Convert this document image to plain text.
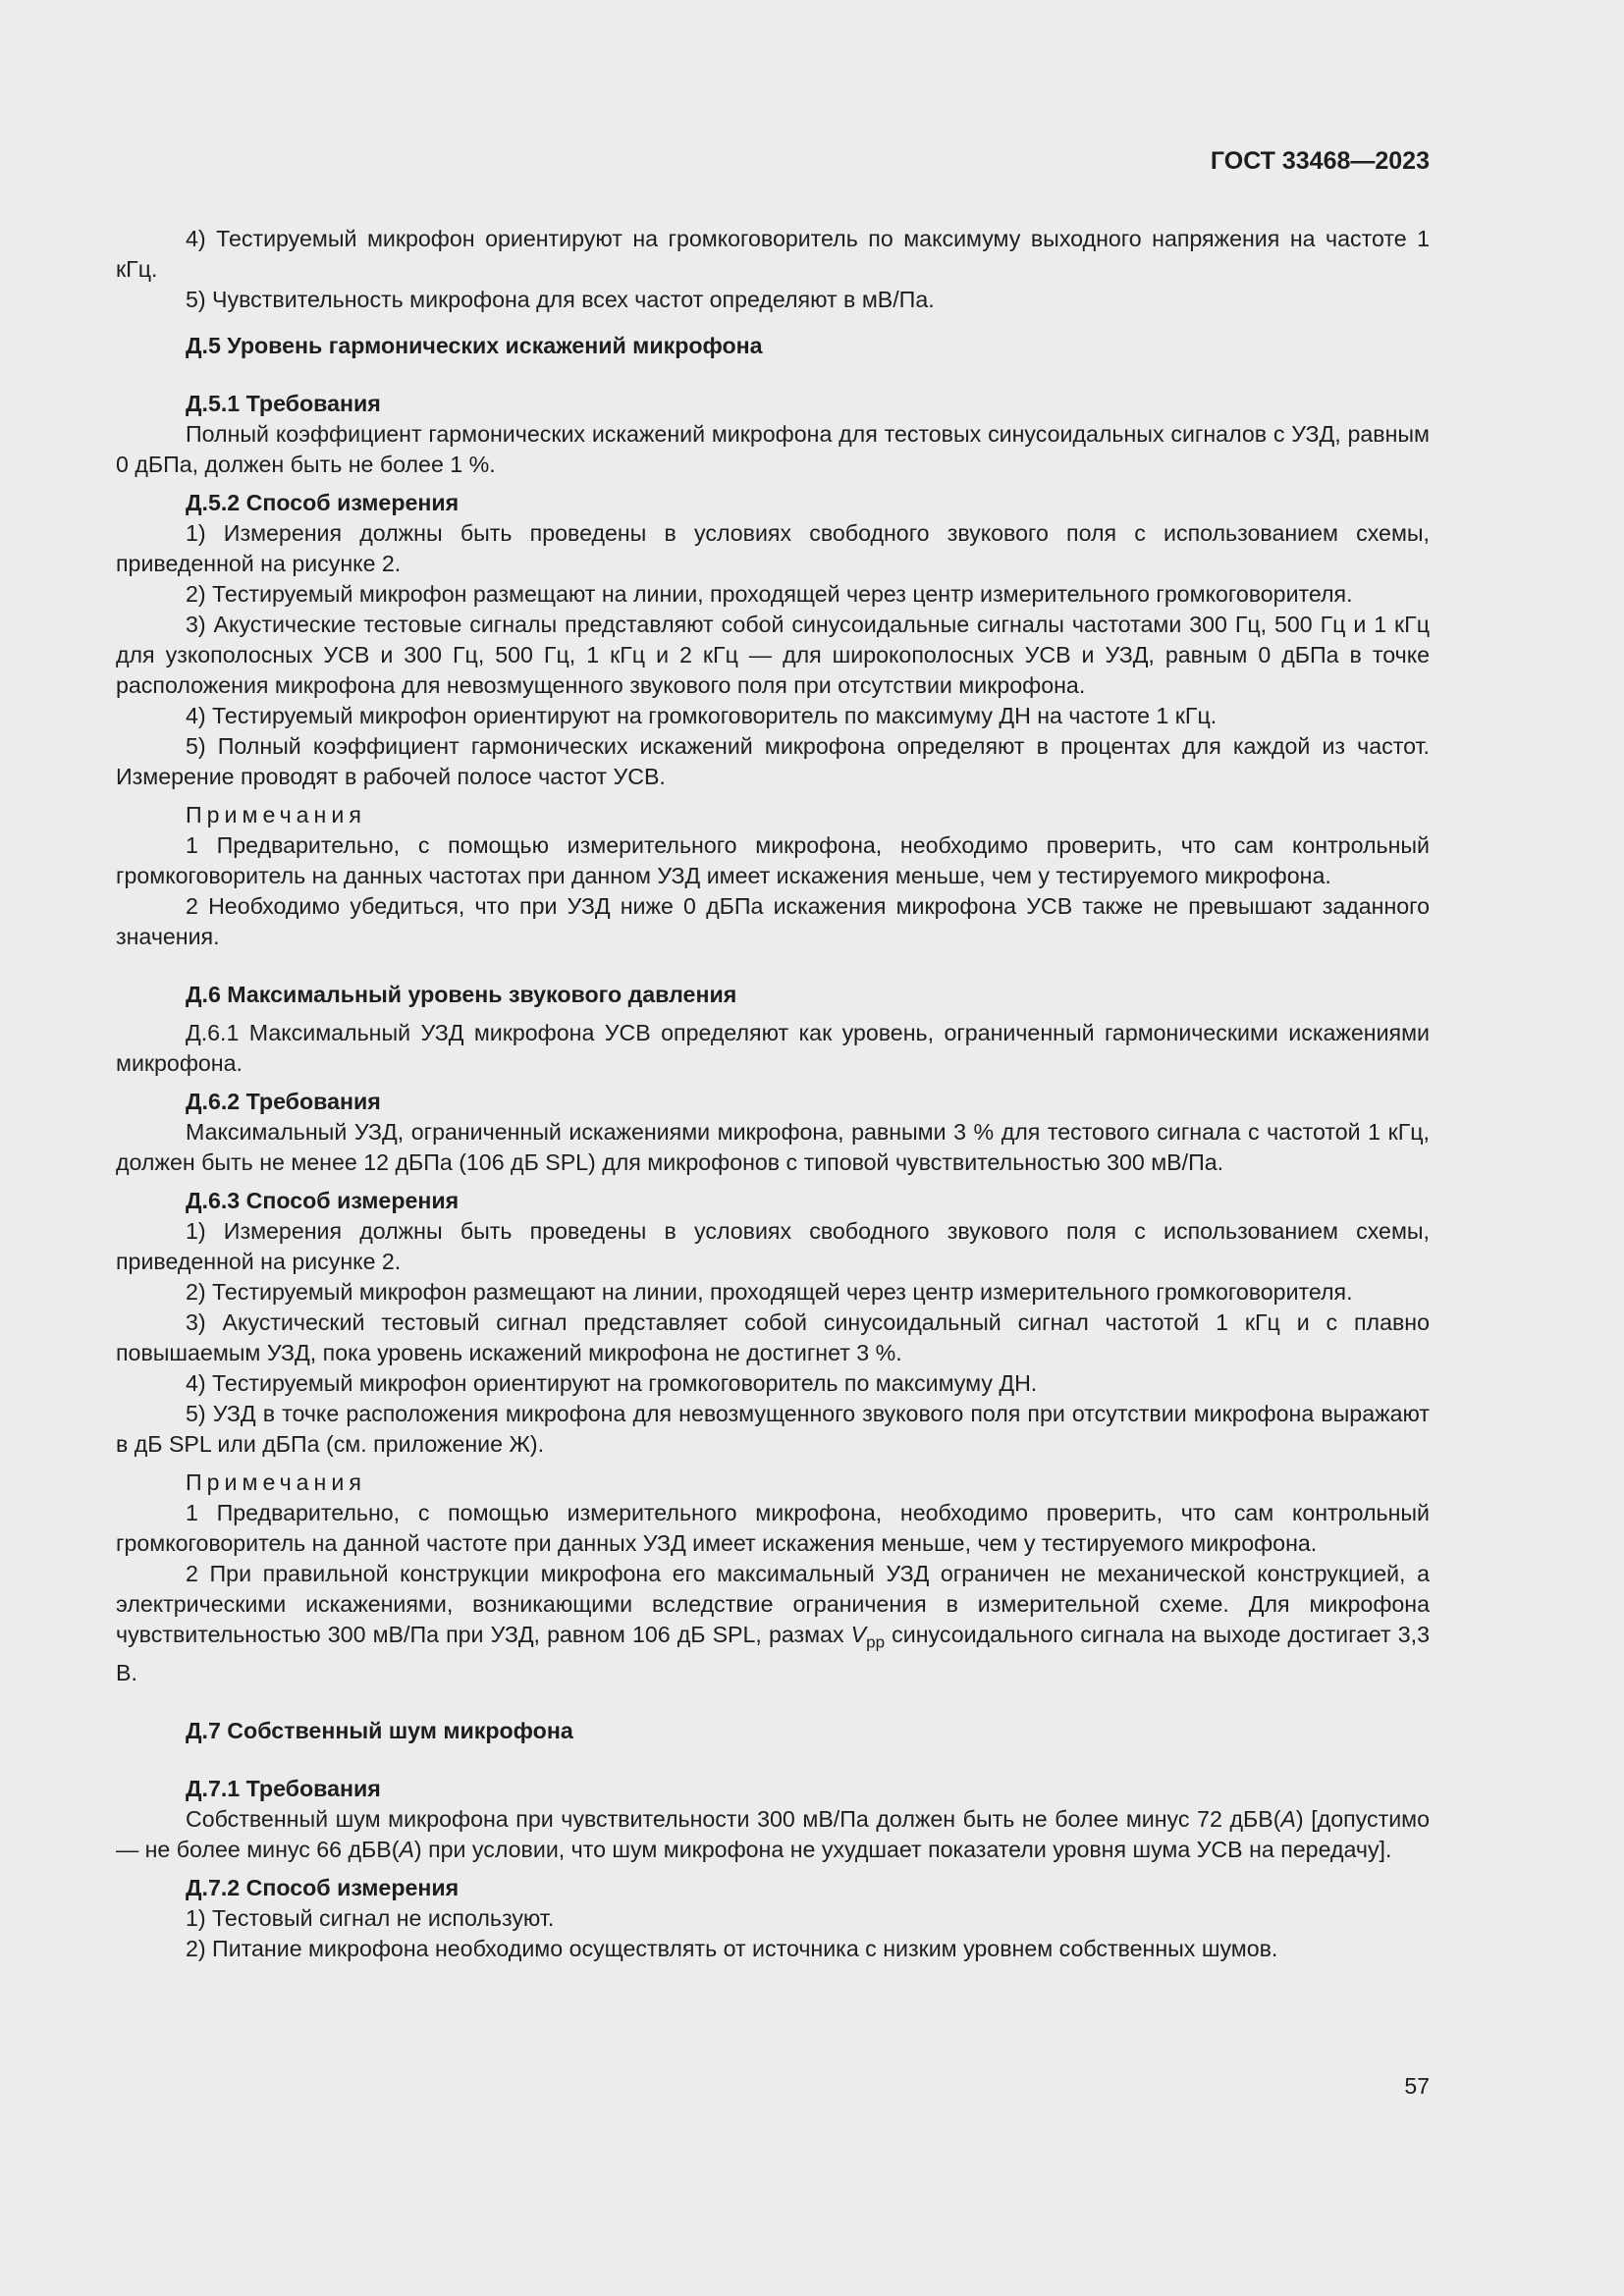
ГОСТ 33468—2023

4) Тестируемый микрофон ориентируют на громкоговоритель по максимуму выходного напряжения на частоте 1 кГц.

5) Чувствительность микрофона для всех частот определяют в мВ/Па.

Д.5 Уровень гармонических искажений микрофона

Д.5.1 Требования

Полный коэффициент гармонических искажений микрофона для тестовых синусоидальных сигналов с УЗД, равным 0 дБПа, должен быть не более 1 %.

Д.5.2 Способ измерения

1) Измерения должны быть проведены в условиях свободного звукового поля с использованием схемы, приведенной на рисунке 2.

2) Тестируемый микрофон размещают на линии, проходящей через центр измерительного громкоговорителя.

3) Акустические тестовые сигналы представляют собой синусоидальные сигналы частотами 300 Гц, 500 Гц и 1 кГц для узкополосных УСВ и 300 Гц, 500 Гц, 1 кГц и 2 кГц — для широкополосных УСВ и УЗД, равным 0 дБПа в точке расположения микрофона для невозмущенного звукового поля при отсутствии микрофона.

4) Тестируемый микрофон ориентируют на громкоговоритель по максимуму ДН на частоте 1 кГц.

5) Полный коэффициент гармонических искажений микрофона определяют в процентах для каждой из частот. Измерение проводят в рабочей полосе частот УСВ.

Примечания

1 Предварительно, с помощью измерительного микрофона, необходимо проверить, что сам контрольный громкоговоритель на данных частотах при данном УЗД имеет искажения меньше, чем у тестируемого микрофона.

2 Необходимо убедиться, что при УЗД ниже 0 дБПа искажения микрофона УСВ также не превышают заданного значения.

Д.6 Максимальный уровень звукового давления

Д.6.1 Максимальный УЗД микрофона УСВ определяют как уровень, ограниченный гармоническими искажениями микрофона.

Д.6.2 Требования

Максимальный УЗД, ограниченный искажениями микрофона, равными 3 % для тестового сигнала с частотой 1 кГц, должен быть не менее 12 дБПа (106 дБ SPL) для микрофонов с типовой чувствительностью 300 мВ/Па.

Д.6.3 Способ измерения

1) Измерения должны быть проведены в условиях свободного звукового поля с использованием схемы, приведенной на рисунке 2.

2) Тестируемый микрофон размещают на линии, проходящей через центр измерительного громкоговорителя.

3) Акустический тестовый сигнал представляет собой синусоидальный сигнал частотой 1 кГц и с плавно повышаемым УЗД, пока уровень искажений микрофона не достигнет 3 %.

4) Тестируемый микрофон ориентируют на громкоговоритель по максимуму ДН.

5) УЗД в точке расположения микрофона для невозмущенного звукового поля при отсутствии микрофона выражают в дБ SPL или дБПа (см. приложение Ж).

Примечания

1 Предварительно, с помощью измерительного микрофона, необходимо проверить, что сам контрольный громкоговоритель на данной частоте при данных УЗД имеет искажения меньше, чем у тестируемого микрофона.

2 При правильной конструкции микрофона его максимальный УЗД ограничен не механической конструкцией, а электрическими искажениями, возникающими вследствие ограничения в измерительной схеме. Для микрофона чувствительностью 300 мВ/Па при УЗД, равном 106 дБ SPL, размах $V_{pp}$ синусоидального сигнала на выходе достигает 3,3 В.

Д.7 Собственный шум микрофона

Д.7.1 Требования

Собственный шум микрофона при чувствительности 300 мВ/Па должен быть не более минус 72 дБВ(A) [допустимо — не более минус 66 дБВ(A) при условии, что шум микрофона не ухудшает показатели уровня шума УСВ на передачу].

Д.7.2 Способ измерения

1) Тестовый сигнал не используют.

2) Питание микрофона необходимо осуществлять от источника с низким уровнем собственных шумов.

57
